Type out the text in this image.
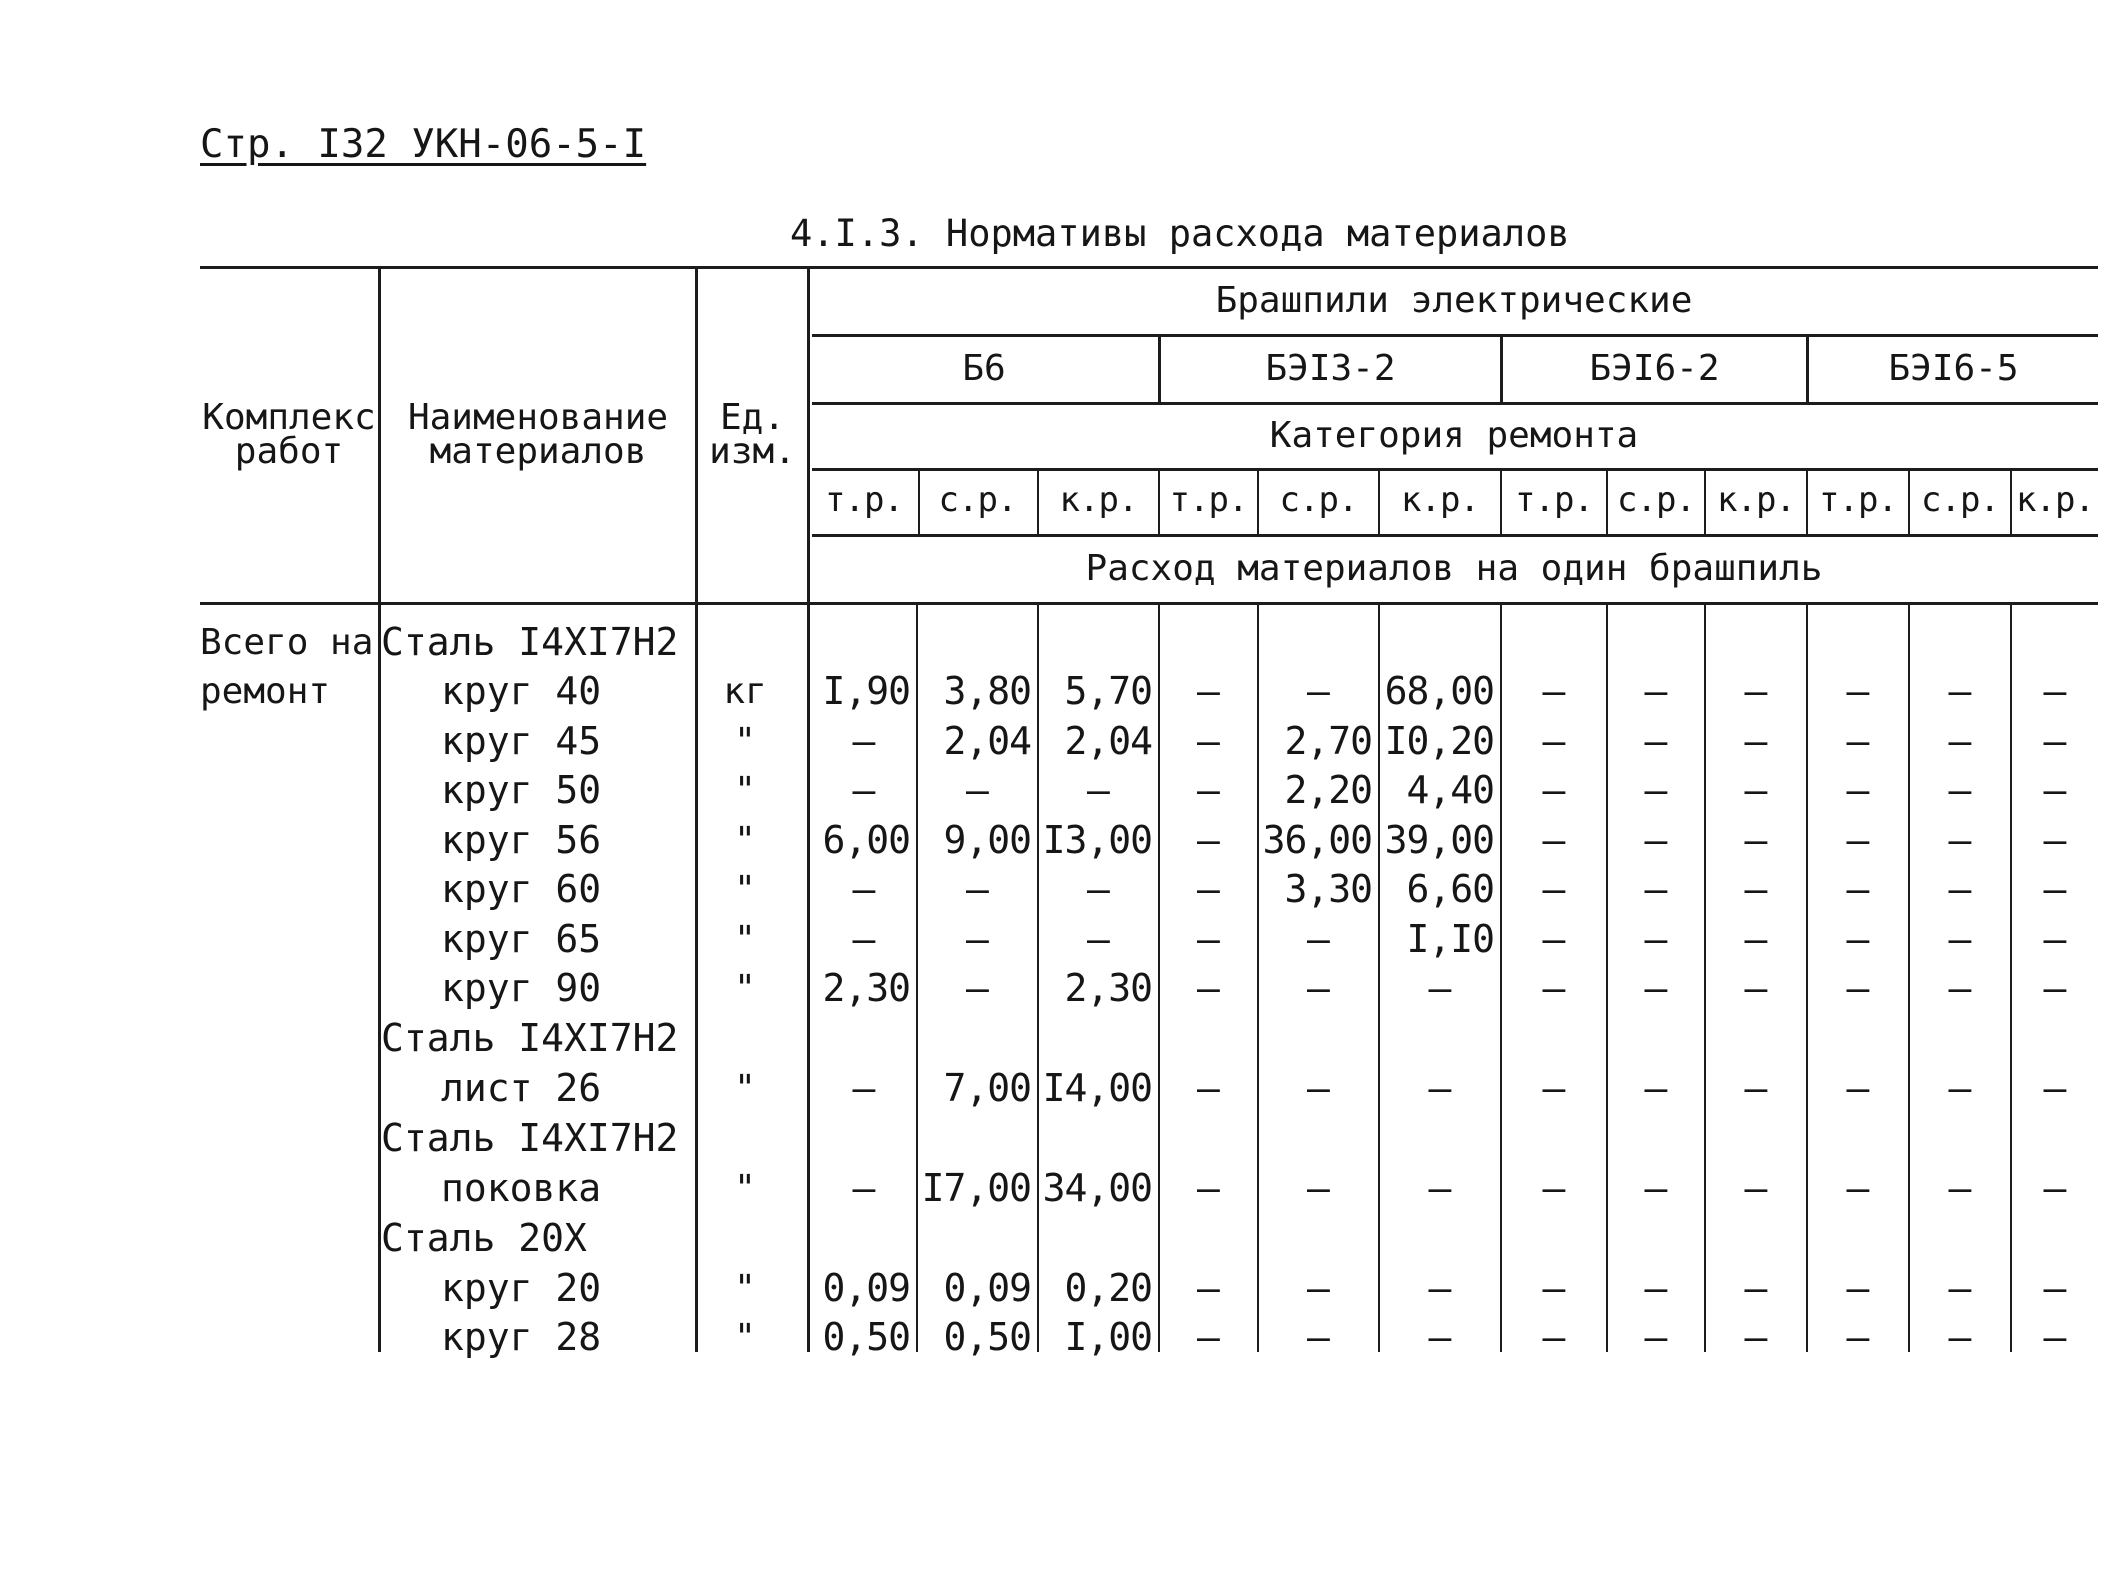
Стр. I32 УКН-06-5-I
4.I.3. Нормативы расхода материалов
Комплекс
работ
Наименование
материалов
Ед.
изм.
Брашпили электрические
Б6	БЭI3-2	БЭI6-2	БЭI6-5
Категория ремонта
Расход материалов на один брашпиль
т.р.	с.р.	к.р. т.р. с.р.	к.р.	т.р. с.р. к.р. т.р. с.р. к.р.
Всего на
ремонт
Сталь I4XI7H2
круг 40	кг	I,90 3,80 5,70	–	–	68,00	–	–	–	–	–	–
круг 45	"	–	2,04 2,04	–	2,70 I0,20	–	–	–	–	–	–
круг 50	"	–	–	–	–	2,20 4,40	–	–	–	–	–	–
круг 56	"	6,00 9,00 I3,00	–	36,00 39,00	–	–	–	–	–	–
круг 60	"	–	–	–	–	3,30 6,60	–	–	–	–	–	–
круг 65	"	–	–	–	–	–	I,I0	–	–	–	–	–	–
круг 90	"	2,30	–	2,30	–	–	–	–	–	–	–	–	–
Сталь I4XI7H2
лист 26	"	–	7,00 I4,00	–	–	–	–	–	–	–	–	–
Сталь I4XI7H2
поковка	"	–	I7,00 34,00	–	–	–	–	–	–	–	–	–
Сталь 20X
круг 20	"	0,09 0,09 0,20	–	–	–	–	–	–	–	–	–
круг 28	"	0,50 0,50 I,00	–	–	–	–	–	–	–	–	–
